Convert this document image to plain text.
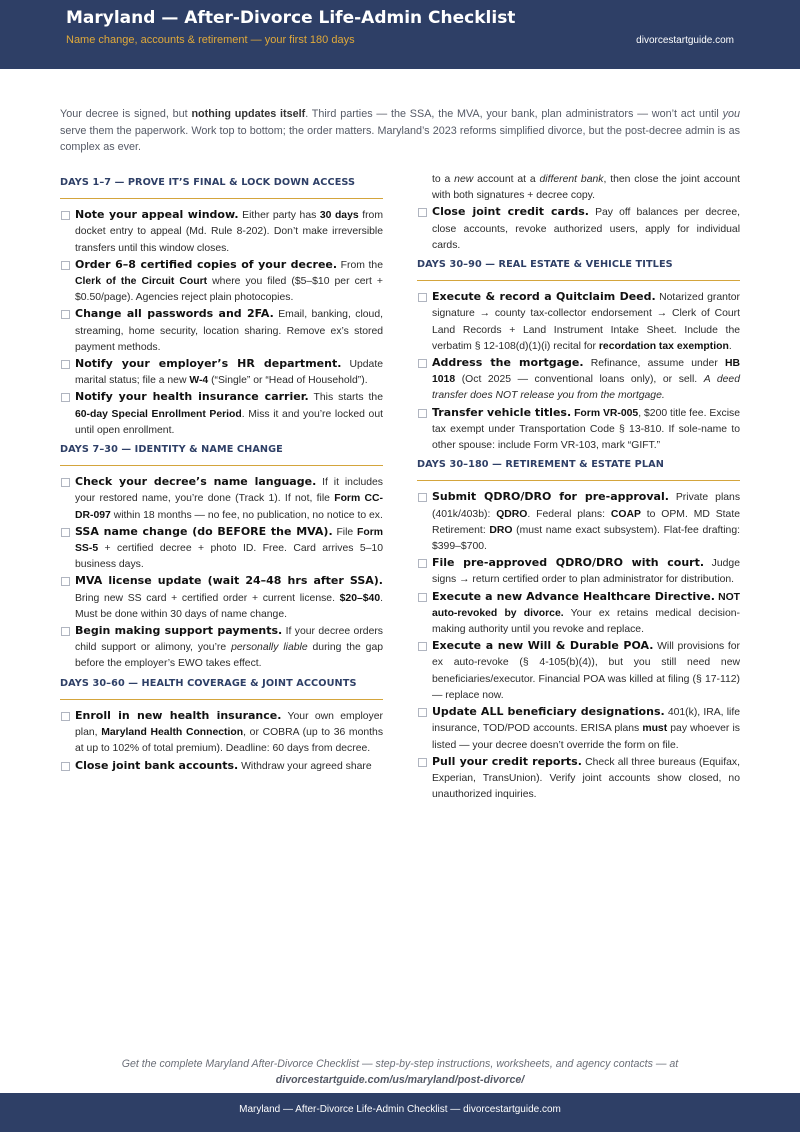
Maryland — After-Divorce Life-Admin Checklist
Name change, accounts & retirement — your first 180 days	divorcestartguide.com

Your decree is signed, but nothing updates itself. Third parties — the SSA, the MVA, your bank, plan administrators — won’t act until you serve them the paperwork. Work top to bottom; the order matters. Maryland’s 2023 reforms simplified divorce, but the post-decree admin is as complex as ever.

DAYS 1–7 — PROVE IT’S FINAL & LOCK DOWN ACCESS
Note your appeal window. Either party has 30 days from docket entry to appeal (Md. Rule 8-202). Don’t make irreversible transfers until this window closes.
Order 6–8 certified copies of your decree. From the Clerk of the Circuit Court where you filed ($5–$10 per cert + $0.50/page). Agencies reject plain photocopies.
Change all passwords and 2FA. Email, banking, cloud, streaming, home security, location sharing. Remove ex’s stored payment methods.
Notify your employer’s HR department. Update marital status; file a new W-4 (“Single” or “Head of Household”).
Notify your health insurance carrier. This starts the 60-day Special Enrollment Period. Miss it and you’re locked out until open enrollment.
DAYS 7–30 — IDENTITY & NAME CHANGE
Check your decree’s name language. If it includes your restored name, you’re done (Track 1). If not, file Form CC-DR-097 within 18 months — no fee, no publication, no notice to ex.
SSA name change (do BEFORE the MVA). File Form SS-5 + certified decree + photo ID. Free. Card arrives 5–10 business days.
MVA license update (wait 24–48 hrs after SSA). Bring new SS card + certified order + current license. $20–$40. Must be done within 30 days of name change.
Begin making support payments. If your decree orders child support or alimony, you’re personally liable during the gap before the employer’s EWO takes effect.
DAYS 30–60 — HEALTH COVERAGE & JOINT ACCOUNTS
Enroll in new health insurance. Your own employer plan, Maryland Health Connection, or COBRA (up to 36 months at up to 102% of total premium). Deadline: 60 days from decree.
Close joint bank accounts. Withdraw your agreed share
to a new account at a different bank, then close the joint account with both signatures + decree copy.
Close joint credit cards. Pay off balances per decree, close accounts, revoke authorized users, apply for individual cards.
DAYS 30–90 — REAL ESTATE & VEHICLE TITLES
Execute & record a Quitclaim Deed. Notarized grantor signature → county tax-collector endorsement → Clerk of Court Land Records + Land Instrument Intake Sheet. Include the verbatim § 12-108(d)(1)(i) recital for recordation tax exemption.
Address the mortgage. Refinance, assume under HB 1018 (Oct 2025 — conventional loans only), or sell. A deed transfer does NOT release you from the mortgage.
Transfer vehicle titles. Form VR-005, $200 title fee. Excise tax exempt under Transportation Code § 13-810. If sole-name to other spouse: include Form VR-103, mark “GIFT.”
DAYS 30–180 — RETIREMENT & ESTATE PLAN
Submit QDRO/DRO for pre-approval. Private plans (401k/403b): QDRO. Federal plans: COAP to OPM. MD State Retirement: DRO (must name exact subsystem). Flat-fee drafting: $399–$700.
File pre-approved QDRO/DRO with court. Judge signs → return certified order to plan administrator for distribution.
Execute a new Advance Healthcare Directive. NOT auto-revoked by divorce. Your ex retains medical decision-making authority until you revoke and replace.
Execute a new Will & Durable POA. Will provisions for ex auto-revoke (§ 4-105(b)(4)), but you still need new beneficiaries/executor. Financial POA was killed at filing (§ 17-112) — replace now.
Update ALL beneficiary designations. 401(k), IRA, life insurance, TOD/POD accounts. ERISA plans must pay whoever is listed — your decree doesn’t override the form on file.
Pull your credit reports. Check all three bureaus (Equifax, Experian, TransUnion). Verify joint accounts show closed, no unauthorized inquiries.
Get the complete Maryland After-Divorce Checklist — step-by-step instructions, worksheets, and agency contacts — at
divorcestartguide.com/us/maryland/post-divorce/
Maryland — After-Divorce Life-Admin Checklist — divorcestartguide.com
